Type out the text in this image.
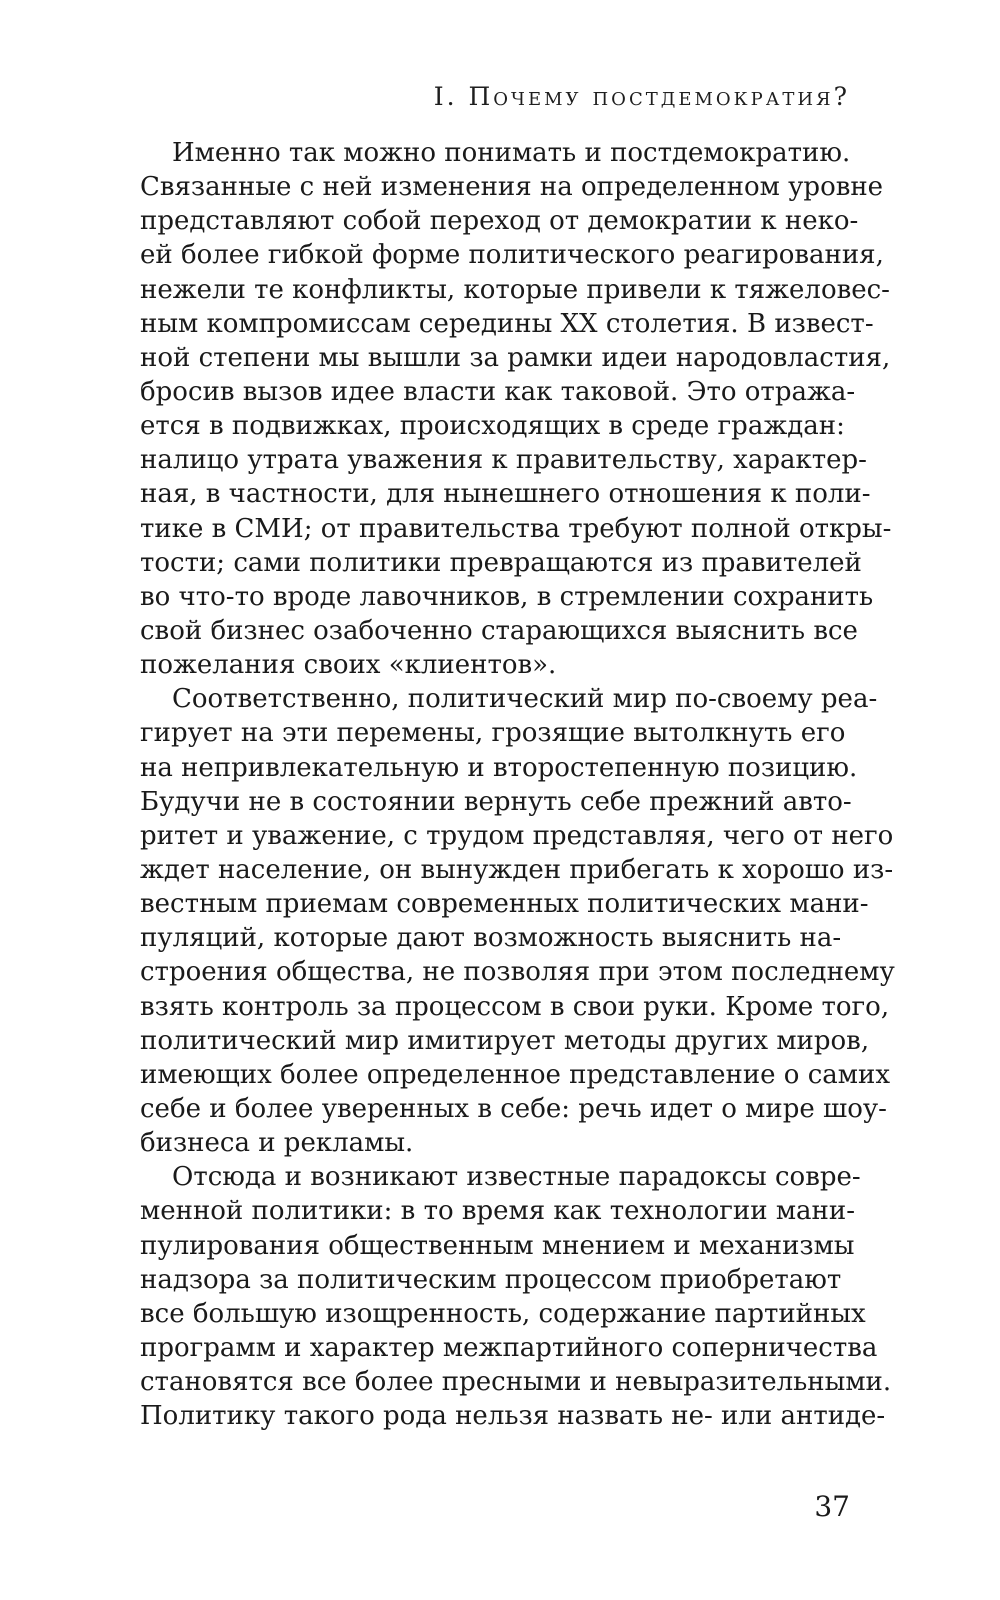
I. Почему постдемократия?
Именно так можно понимать и постдемократию.
Связанные с ней изменения на определенном уровне
представляют собой переход от демократии к неко-
ей более гибкой форме политического реагирования,
нежели те конфликты, которые привели к тяжеловес-
ным компромиссам середины XX столетия. В извест-
ной степени мы вышли за рамки идеи народовластия,
бросив вызов идее власти как таковой. Это отража-
ется в подвижках, происходящих в среде граждан:
налицо утрата уважения к правительству, характер-
ная, в частности, для нынешнего отношения к поли-
тике в СМИ; от правительства требуют полной откры-
тости; сами политики превращаются из правителей
во что-то вроде лавочников, в стремлении сохранить
свой бизнес озабоченно старающихся выяснить все
пожелания своих «клиентов».
Соответственно, политический мир по-своему реа-
гирует на эти перемены, грозящие вытолкнуть его
на непривлекательную и второстепенную позицию.
Будучи не в состоянии вернуть себе прежний авто-
ритет и уважение, с трудом представляя, чего от него
ждет население, он вынужден прибегать к хорошо из-
вестным приемам современных политических мани-
пуляций, которые дают возможность выяснить на-
строения общества, не позволяя при этом последнему
взять контроль за процессом в свои руки. Кроме того,
политический мир имитирует методы других миров,
имеющих более определенное представление о самих
себе и более уверенных в себе: речь идет о мире шоу-
бизнеса и рекламы.
Отсюда и возникают известные парадоксы совре-
менной политики: в то время как технологии мани-
пулирования общественным мнением и механизмы
надзора за политическим процессом приобретают
все большую изощренность, содержание партийных
программ и характер межпартийного соперничества
становятся все более пресными и невыразительными.
Политику такого рода нельзя назвать не- или антиде-
37
